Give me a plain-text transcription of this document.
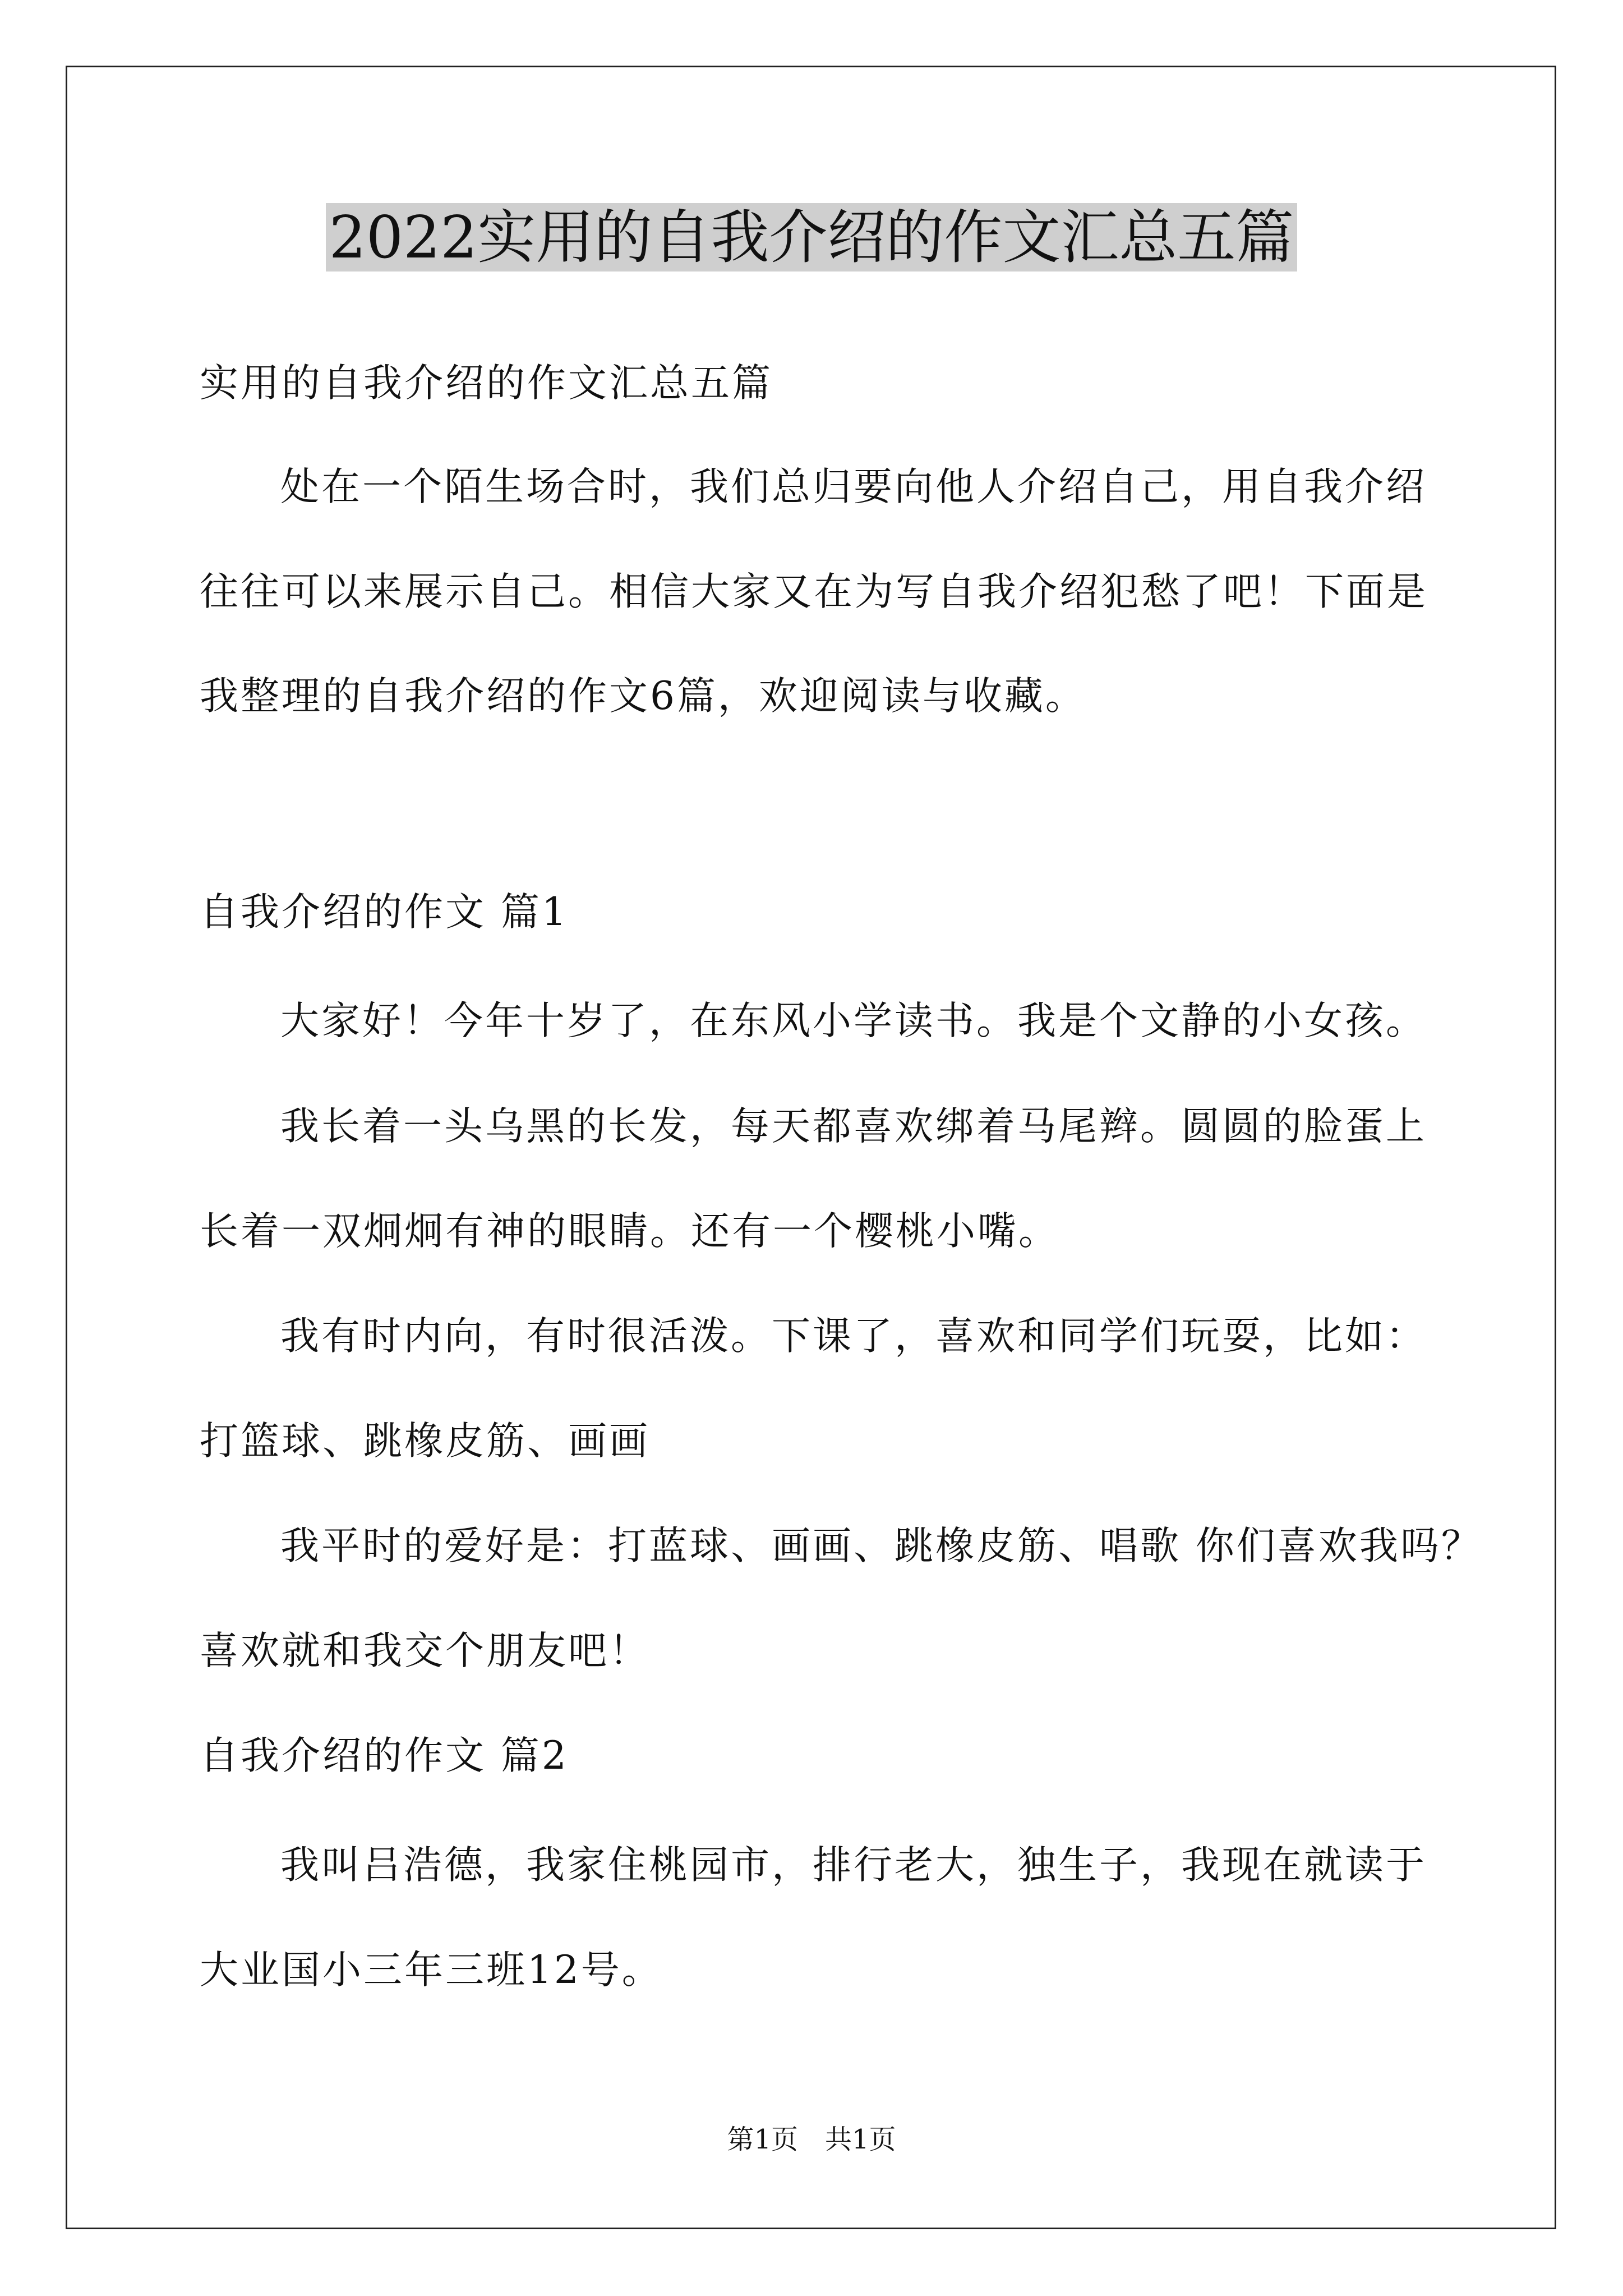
2022实用的自我介绍的作文汇总五篇
实用的自我介绍的作文汇总五篇
处在一个陌生场合时，我们总归要向他人介绍自己，用自我介绍
往往可以来展示自己。相信大家又在为写自我介绍犯愁了吧！下面是
我整理的自我介绍的作文6篇，欢迎阅读与收藏。
自我介绍的作文 篇1
大家好！今年十岁了，在东风小学读书。我是个文静的小女孩。
我长着一头乌黑的长发，每天都喜欢绑着马尾辫。圆圆的脸蛋上
长着一双炯炯有神的眼睛。还有一个樱桃小嘴。
我有时内向，有时很活泼。下课了，喜欢和同学们玩耍，比如：
打篮球、跳橡皮筋、画画
我平时的爱好是：打蓝球、画画、跳橡皮筋、唱歌 你们喜欢我吗？
喜欢就和我交个朋友吧！
自我介绍的作文 篇2
我叫吕浩德，我家住桃园市，排行老大，独生子，我现在就读于
大业国小三年三班12号。
第1页　共1页
